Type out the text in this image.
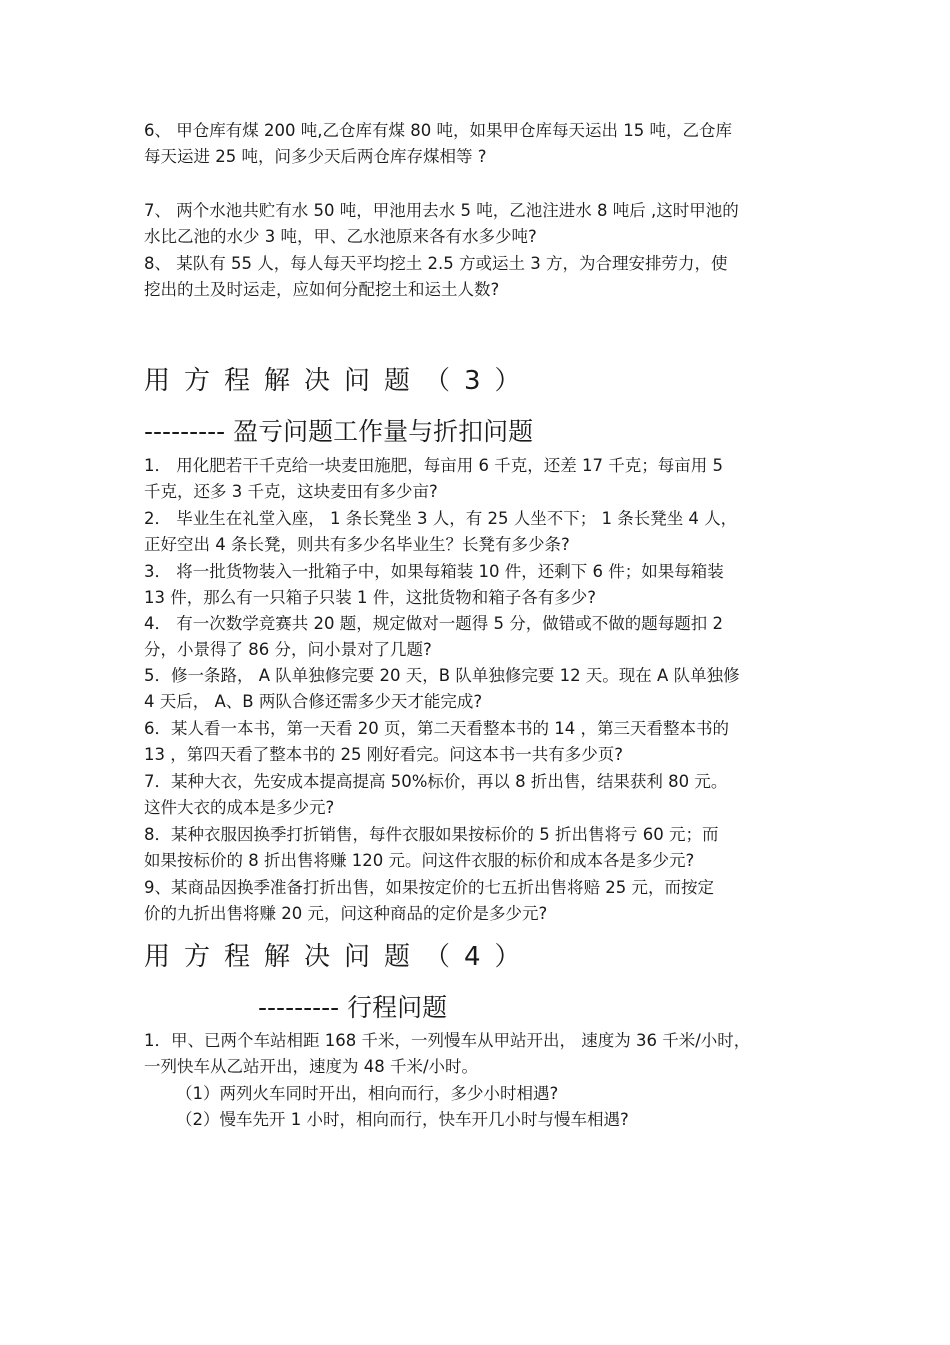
6、 甲仓库有煤 200 吨,乙仓库有煤 80 吨，如果甲仓库每天运出 15 吨，乙仓库
每天运进 25 吨，问多少天后两仓库存煤相等 ?
7、 两个水池共贮有水 50 吨，甲池用去水 5 吨，乙池注进水 8 吨后 ,这时甲池的
水比乙池的水少 3 吨，甲、乙水池原来各有水多少吨?
8、 某队有 55 人，每人每天平均挖土 2.5 方或运土 3 方，为合理安排劳力，使
挖出的土及时运走，应如何分配挖土和运土人数?
用方程解决问题（3）
--------- 盈亏问题工作量与折扣问题
1． 用化肥若干千克给一块麦田施肥，每亩用 6 千克，还差 17 千克；每亩用 5
千克，还多 3 千克，这块麦田有多少亩?
2． 毕业生在礼堂入座， 1 条长凳坐 3 人，有 25 人坐不下； 1 条长凳坐 4 人，
正好空出 4 条长凳，则共有多少名毕业生？长凳有多少条?
3． 将一批货物装入一批箱子中，如果每箱装 10 件，还剩下 6 件；如果每箱装
13 件，那么有一只箱子只装 1 件，这批货物和箱子各有多少?
4． 有一次数学竞赛共 20 题，规定做对一题得 5 分，做错或不做的题每题扣 2
分，小景得了 86 分，问小景对了几题?
5．修一条路， A 队单独修完要 20 天，B 队单独修完要 12 天。现在 A 队单独修
4 天后， A、B 两队合修还需多少天才能完成?
6．某人看一本书，第一天看 20 页，第二天看整本书的 14 ，第三天看整本书的
13 ，第四天看了整本书的 25 刚好看完。问这本书一共有多少页?
7．某种大衣，先安成本提高提高 50%标价，再以 8 折出售，结果获利 80 元。
这件大衣的成本是多少元?
8．某种衣服因换季打折销售，每件衣服如果按标价的 5 折出售将亏 60 元；而
如果按标价的 8 折出售将赚 120 元。问这件衣服的标价和成本各是多少元?
9、某商品因换季准备打折出售，如果按定价的七五折出售将赔 25 元，而按定
价的九折出售将赚 20 元，问这种商品的定价是多少元?
用方程解决问题（4）
--------- 行程问题
1．甲、已两个车站相距 168 千米，一列慢车从甲站开出， 速度为 36 千米/小时，
一列快车从乙站开出，速度为 48 千米/小时。

（1）两列火车同时开出，相向而行，多少小时相遇?

（2）慢车先开 1 小时，相向而行，快车开几小时与慢车相遇?
